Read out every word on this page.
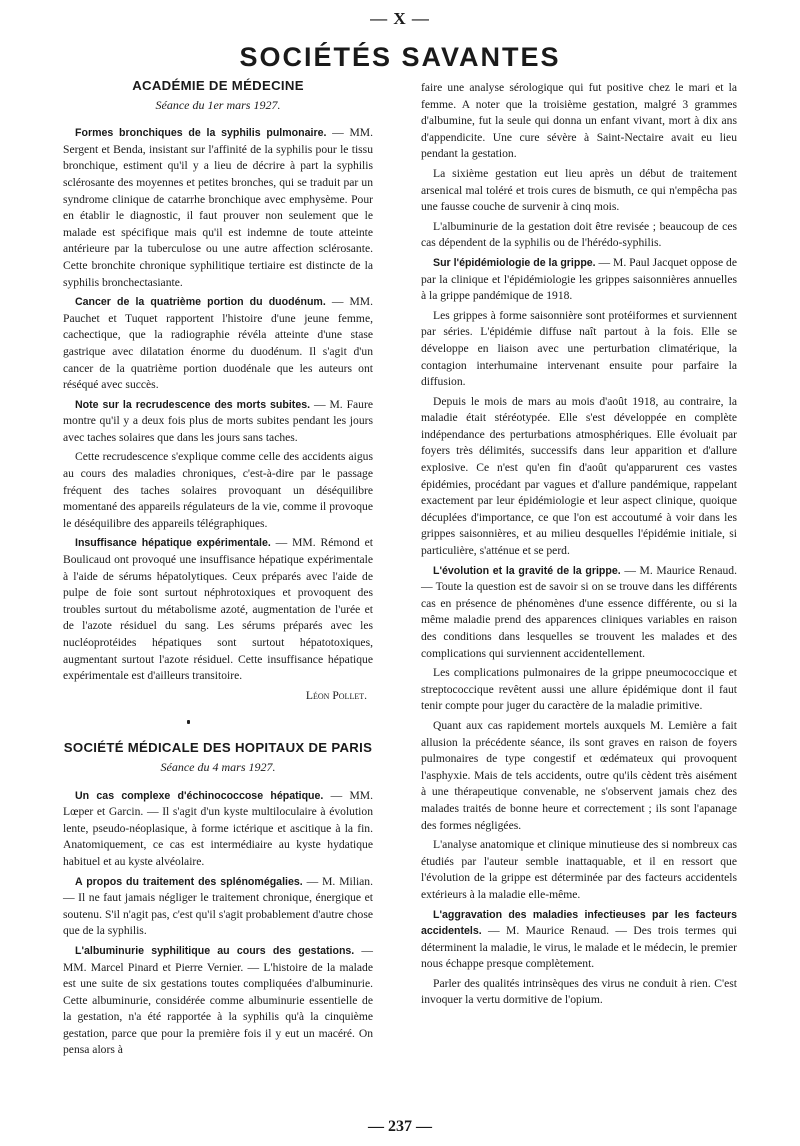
— X —
SOCIÉTÉS SAVANTES
ACADÉMIE DE MÉDECINE
Séance du 1er mars 1927.

Formes bronchiques de la syphilis pulmonaire. — MM. Sergent et Benda, insistant sur l'affinité de la syphilis pour le tissu bronchique, estiment qu'il y a lieu de décrire à part la syphilis sclérosante des moyennes et petites bronches, qui se traduit par un syndrome clinique de catarrhe bronchique avec emphysème. Pour en établir le diagnostic, il faut prouver non seulement que le malade est spécifique mais qu'il est indemne de toute atteinte antérieure par la tuberculose ou une autre affection sclérosante. Cette bronchite chronique syphilitique tertiaire est distincte de la syphilis bronchectasiante.

Cancer de la quatrième portion du duodénum. — MM. Pauchet et Tuquet rapportent l'histoire d'une jeune femme, cachectique, que la radiographie révéla atteinte d'une stase gastrique avec dilatation énorme du duodénum. Il s'agit d'un cancer de la quatrième portion duodénale que les auteurs ont réséqué avec succès.

Note sur la recrudescence des morts subites. — M. Faure montre qu'il y a deux fois plus de morts subites pendant les jours avec taches solaires que dans les jours sans taches.

Cette recrudescence s'explique comme celle des accidents aigus au cours des maladies chroniques, c'est-à-dire par le passage fréquent des taches solaires provoquant un déséquilibre momentané des appareils régulateurs de la vie, comme il provoque le déséquilibre des appareils télégraphiques.

Insuffisance hépatique expérimentale. — MM. Rémond et Boulicaud ont provoqué une insuffisance hépatique expérimentale à l'aide de sérums hépatolytiques. Ceux préparés avec l'aide de pulpe de foie sont surtout néphrotoxiques et provoquent des troubles surtout du métabolisme azoté, augmentation de l'urée et de l'azote résiduel du sang. Les sérums préparés avec les nucléoprotéides hépatiques sont surtout hépatotoxiques, augmentant surtout l'azote résiduel. Cette insuffisance hépatique expérimentale est d'ailleurs transitoire.

Léon Pollet.
SOCIÉTÉ MÉDICALE DES HOPITAUX DE PARIS
Séance du 4 mars 1927.

Un cas complexe d'échinococcose hépatique. — MM. Lœper et Garcin. — Il s'agit d'un kyste multiloculaire à évolution lente, pseudo-néoplasique, à forme ictérique et ascitique à la fin. Anatomiquement, ce cas est intermédiaire au kyste hydatique habituel et au kyste alvéolaire.

A propos du traitement des splénomégalies. — M. Milian. — Il ne faut jamais négliger le traitement chronique, énergique et soutenu. S'il n'agit pas, c'est qu'il s'agit probablement d'autre chose que de la syphilis.

L'albuminurie syphilitique au cours des gestations. — MM. Marcel Pinard et Pierre Vernier. — L'histoire de la malade est une suite de six gestations toutes compliquées d'albuminurie. Cette albuminurie, considérée comme albuminurie essentielle de la gestation, n'a été rapportée à la syphilis qu'à la cinquième gestation, parce que pour la première fois il y eut un macéré. On pensa alors à

faire une analyse sérologique qui fut positive chez le mari et la femme. A noter que la troisième gestation, malgré 3 grammes d'albumine, fut la seule qui donna un enfant vivant, mort à dix ans d'appendicite. Une cure sévère à Saint-Nectaire avait eu lieu pendant la gestation.

La sixième gestation eut lieu après un début de traitement arsenical mal toléré et trois cures de bismuth, ce qui n'empêcha pas une fausse couche de survenir à cinq mois.

L'albuminurie de la gestation doit être revisée ; beaucoup de ces cas dépendent de la syphilis ou de l'hérédo-syphilis.

Sur l'épidémiologie de la grippe. — M. Paul Jacquet oppose de par la clinique et l'épidémiologie les grippes saisonnières annuelles à la grippe pandémique de 1918.

Les grippes à forme saisonnière sont protéiformes et surviennent par séries. L'épidémie diffuse naît partout à la fois. Elle se développe en liaison avec une perturbation climatérique, la contagion interhumaine intervenant ensuite pour parfaire la diffusion.

Depuis le mois de mars au mois d'août 1918, au contraire, la maladie était stéréotypée. Elle s'est développée en complète indépendance des perturbations atmosphériques. Elle évoluait par foyers très délimités, successifs dans leur apparition et d'allure explosive. Ce n'est qu'en fin d'août qu'apparurent ces vastes épidémies, procédant par vagues et d'allure pandémique, rappelant exactement par leur épidémiologie et leur aspect clinique, quoique décuplées d'importance, ce que l'on est accoutumé à voir dans les grippes saisonnières, et au milieu desquelles l'épidémie initiale, si particulière, s'atténue et se perd.

L'évolution et la gravité de la grippe. — M. Maurice Renaud. — Toute la question est de savoir si on se trouve dans les différents cas en présence de phénomènes d'une essence différente, ou si la même maladie prend des apparences cliniques variables en raison des conditions dans lesquelles se trouvent les malades et des complications qui surviennent accidentellement.

Les complications pulmonaires de la grippe pneumococcique et streptococcique revêtent aussi une allure épidémique dont il faut tenir compte pour juger du caractère de la maladie primitive.

Quant aux cas rapidement mortels auxquels M. Lemière a fait allusion la précédente séance, ils sont graves en raison de foyers pulmonaires de type congestif et œdémateux qui provoquent l'asphyxie. Mais de tels accidents, outre qu'ils cèdent très aisément à une thérapeutique convenable, ne s'observent jamais chez des malades traités de bonne heure et correctement ; ils sont l'apanage des formes négligées.

L'analyse anatomique et clinique minutieuse des si nombreux cas étudiés par l'auteur semble inattaquable, et il en ressort que l'évolution de la grippe est déterminée par des facteurs accidentels extérieurs à la maladie elle-même.

L'aggravation des maladies infectieuses par les facteurs accidentels. — M. Maurice Renaud. — Des trois termes qui déterminent la maladie, le virus, le malade et le médecin, le premier nous échappe presque complètement.

Parler des qualités intrinsèques des virus ne conduit à rien. C'est invoquer la vertu dormitive de l'opium.

— 237 —
